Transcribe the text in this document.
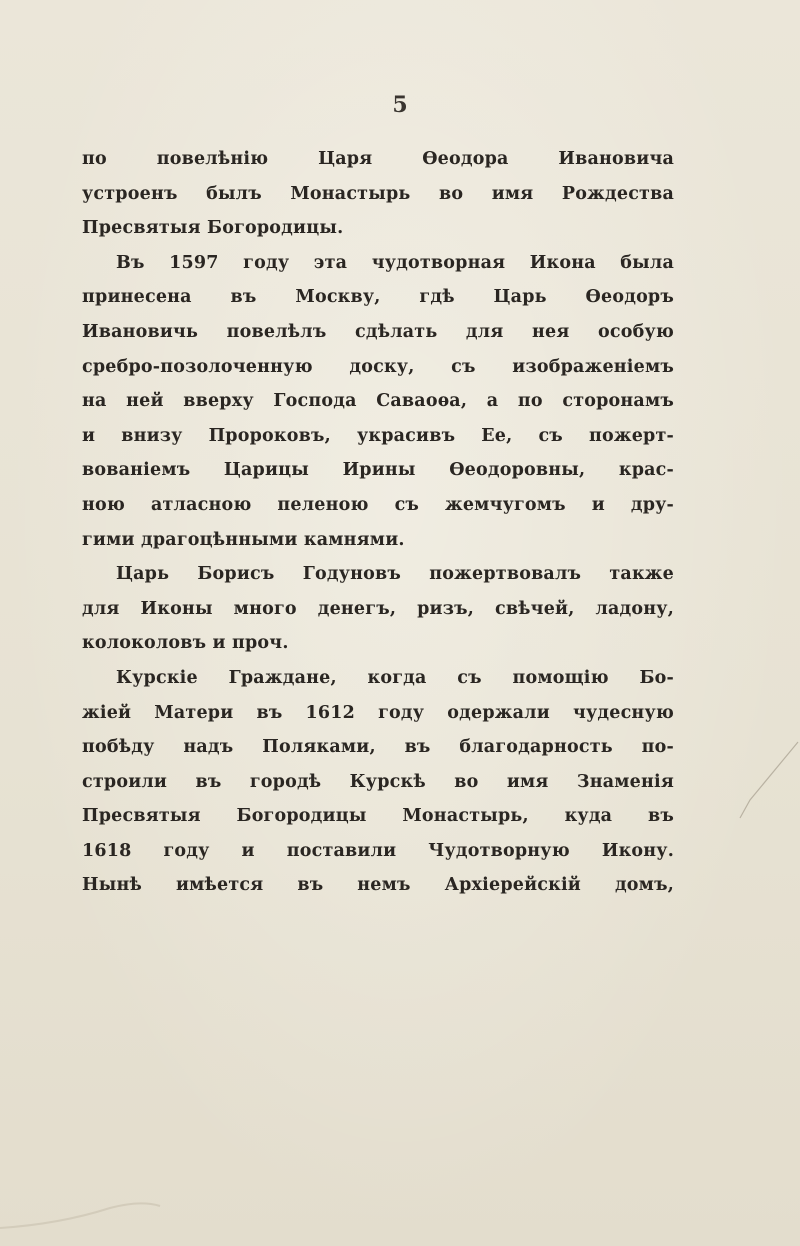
5
по повелѣнію Царя Ѳеодора Ивановича
устроенъ былъ Монастырь во имя Рождества
Пресвятыя Богородицы.
Въ 1597 году эта чудотворная Икона была
принесена въ Москву, гдѣ Царь Ѳеодоръ
Ивановичь повелѣлъ сдѣлать для нея особую
сребро-позолоченную доску, съ изображеніемъ
на ней вверху Господа Саваоѳа, а по сторонамъ
и внизу Пророковъ, украсивъ Ее, съ пожерт-
вованіемъ Царицы Ирины Ѳеодоровны, крас-
ною атласною пеленою съ жемчугомъ и дру-
гими драгоцѣнными камнями.
Царь Борисъ Годуновъ пожертвовалъ также
для Иконы много денегъ, ризъ, свѣчей, ладону,
колоколовъ и проч.
Курскіе Граждане, когда съ помощію Бо-
жіей Матери въ 1612 году одержали чудесную
побѣду надъ Поляками, въ благодарность по-
строили въ городѣ Курскѣ во имя Знаменія
Пресвятыя Богородицы Монастырь, куда въ
1618 году и поставили Чудотворную Икону.
Нынѣ имѣется въ немъ Архіерейскій домъ,
